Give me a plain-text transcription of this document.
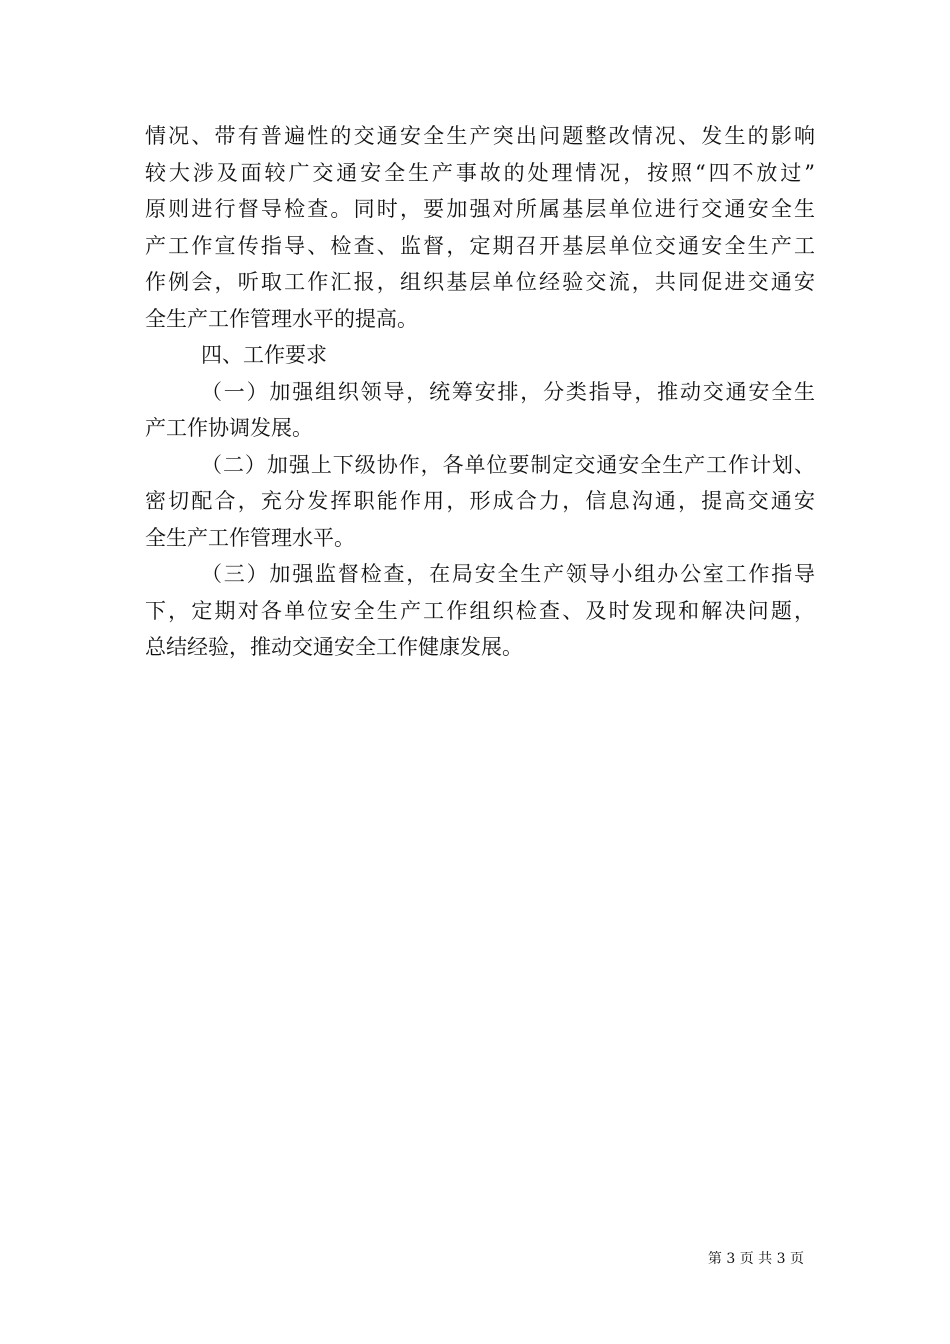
情况、带有普遍性的交通安全生产突出问题整改情况、发生的影响
较大涉及面较广交通安全生产事故的处理情况，按照“四不放过”
原则进行督导检查。同时，要加强对所属基层单位进行交通安全生
产工作宣传指导、检查、监督，定期召开基层单位交通安全生产工
作例会，听取工作汇报，组织基层单位经验交流，共同促进交通安
全生产工作管理水平的提高。
四、工作要求
（一）加强组织领导，统筹安排，分类指导，推动交通安全生
产工作协调发展。
（二）加强上下级协作，各单位要制定交通安全生产工作计划、
密切配合，充分发挥职能作用，形成合力，信息沟通，提高交通安
全生产工作管理水平。
（三）加强监督检查，在局安全生产领导小组办公室工作指导
下，定期对各单位安全生产工作组织检查、及时发现和解决问题，
总结经验，推动交通安全工作健康发展。
第 3 页 共 3 页
